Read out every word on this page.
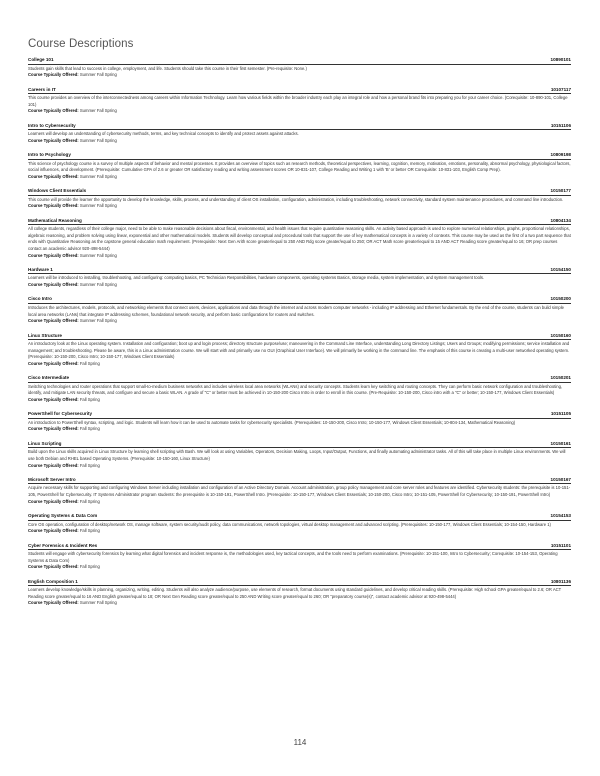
Course Descriptions
College 101	10890101

Students gain skills that lead to success in college, employment, and life. Students should take this course in their first semester. (Pre-requisite: None.)

Course Typically Offered: Summer Fall Spring
Careers in IT	10107117

This course provides an overview of the interconnectedness among careers within Information Technology. Learn how various fields within the broader industry each play an integral role and how a personal brand fits into preparing you for your career choice. (Corequisite: 10-890-101, College 101)

Course Typically Offered: Summer Fall Spring
Intro to Cybersecurity	10151106

Learners will develop an understanding of cybersecurity methods, terms, and key technical concepts to identify and protect assets against attacks.

Course Typically Offered: Summer Fall Spring
Intro to Psychology	10809198

This science of psychology course is a survey of multiple aspects of behavior and mental processes. It provides an overview of topics such as research methods, theoretical perspectives, learning, cognition, memory, motivation, emotions, personality, abnormal psychology, physiological factors, social influences, and development. (Prerequisite: Cumulative GPA of 2.6 or greater OR satisfactory reading and writing assessment scores OR 10-831-107, College Reading and Writing 1 with 'B' or better OR Corequisite: 10-831-103, English Comp Prep).

Course Typically Offered: Summer Fall Spring
Windows Client Essentials	10150177

This course will provide the learner the opportunity to develop the knowledge, skills, process, and understanding of client OS installation, configuration, administration, including troubleshooting, network connectivity, standard system maintenance procedures, and command line introduction.

Course Typically Offered: Summer Fall Spring
Mathematical Reasoning	10804134

All college students, regardless of their college major, need to be able to make reasonable decisions about fiscal, environmental, and health issues that require quantitative reasoning skills. An activity based approach is used to explore numerical relationships, graphs, proportional relationships, algebraic reasoning, and problem solving using linear, exponential and other mathematical models. Students will develop conceptual and procedural tools that support the use of key mathematical concepts in a variety of contexts. This course may be used as the first of a two part sequence that ends with Quantitative Reasoning as the capstone general education math requirement. (Prerequisite: Next Gen Arith score greater/equal to 250 AND Rdg score greater/equal to 250; OR ACT Math score greater/equal to 15 AND ACT Reading score greater/equal to 16; OR prep courses contact an academic advisor 920-498-5444)

Course Typically Offered: Summer Fall Spring
Hardware 1	10154150

Learners will be introduced to installing, troubleshooting, and configuring: computing basics, PC Technician Responsibilities, hardware components, operating systems Basics, storage media, system implementation, and system management tools.

Course Typically Offered: Summer Fall Spring
Cisco Intro	10150200

Introduces the architectures, models, protocols, and networking elements that connect users, devices, applications and data through the internet and across modern computer networks - including IP addressing and Ethernet fundamentals. By the end of the course, students can build simple local area networks (LANs) that integrate IP addressing schemes, foundational network security, and perform basic configurations for routers and switches.

Course Typically Offered: Summer Fall Spring
Linux Structure	10150160

An introductory look at the Linux operating system. Installation and configuration; boot up and login process; directory structure purpose/use; maneuvering in the Command Line Interface, understanding Long Directory Listings; Users and Groups; modifying permissions; service installation and management; and troubleshooting. Please be aware, this is a Linux administration course. We will start with and primarily use no GUI (Graphical User Interface). We will primarily be working in the command line. The emphasis of this course is creating a multi-user networked operating system. (Prerequisite: 10-150-200, Cisco Intro; 10-150-177, Windows Client Essentials)

Course Typically Offered: Fall Spring
Cisco Intermediate	10150201

Switching technologies and router operations that support small-to-medium business networks and includes wireless local area networks (WLANs) and security concepts. Students learn key switching and routing concepts. They can perform basic network configuration and troubleshooting, identify, and mitigate LAN security threats, and configure and secure a basic WLAN. A grade of "C" or better must be achieved in 10-150-200 Cisco Intro in order to enroll in this course. (Pre-Requisite: 10-150-200, Cisco intro with a "C" or better; 10-150-177, Windows Client Essentials)

Course Typically Offered: Fall Spring
PowerShell for Cybersecurity	10151105

An introduction to PowerShell syntax, scripting, and logic. Students will learn how it can be used to automate tasks for cybersecurity specialists. (Prerequisites: 10-150-200, Cisco Intro; 10-150-177, Windows Client Essentials; 10-804-134, Mathematical Reasoning)

Course Typically Offered: Fall Spring
Linux Scripting	10150161

Build upon the Linux skills acquired in Linux Structure by learning shell scripting with Bash. We will look at using Variables, Operators, Decision Making, Loops, Input/Output, Functions, and finally automating administrator tasks. All of this will take place in multiple Linux environments. We will use both Debian and RHEL based Operating Systems. (Prerequisite: 10-150-160, Linux Structure)

Course Typically Offered: Fall Spring
Microsoft Server Intro	10150167

Acquire necessary skills for supporting and configuring Windows Server including installation and configuration of an Active Directory Domain. Account administration, group policy management and core server roles and features are identified. Cybersecurity students: the prerequisite is 10-151-105, PowerShell for Cybersecurity. IT Systems Administrator program students: the prerequisite is 10-150-191, PowerShell Intro. (Prerequisite: 10-150-177, Windows Client Essentials; 10-150-200, Cisco Intro; 10-151-105, PowerShell for Cybersecurity; 10-150-191, PowerShell Intro)

Course Typically Offered: Fall Spring
Operating Systems & Data Com	10154153

Core OS operation, configuration of desktop/network OS, manage software, system security/audit policy, data communications, network topologies, virtual desktop management and advanced scripting. (Prerequisites: 10-150-177, Windows Client Essentials; 10-154-150, Hardware 1)

Course Typically Offered: Fall Spring
Cyber Forensics & Incident Res	10151101

Students will engage with cybersecurity forensics by learning what digital forensics and incident response is, the methodologies used, key tactical concepts, and the tools need to perform examinations. (Prerequisite: 10-151-100, Intro to Cybersecurity; Corequisite: 10-154-153, Operating Systems & Data Com)

Course Typically Offered: Fall Spring
English Composition 1	10801136

Learners develop knowledge/skills in planning, organizing, writing, editing. Students will also analyze audience/purpose, use elements of research, format documents using standard guidelines, and develop critical reading skills. (Prerequisite: High school GPA greater/equal to 2.6; OR ACT Reading score greater/equal to 16 AND English greater/equal to 18; OR Next Gen Reading score greater/equal to 250 AND Writing score greater/equal to 260; OR "preparatory course(s)", contact academic advisor at 920-498-5444)

Course Typically Offered: Summer Fall Spring
114
